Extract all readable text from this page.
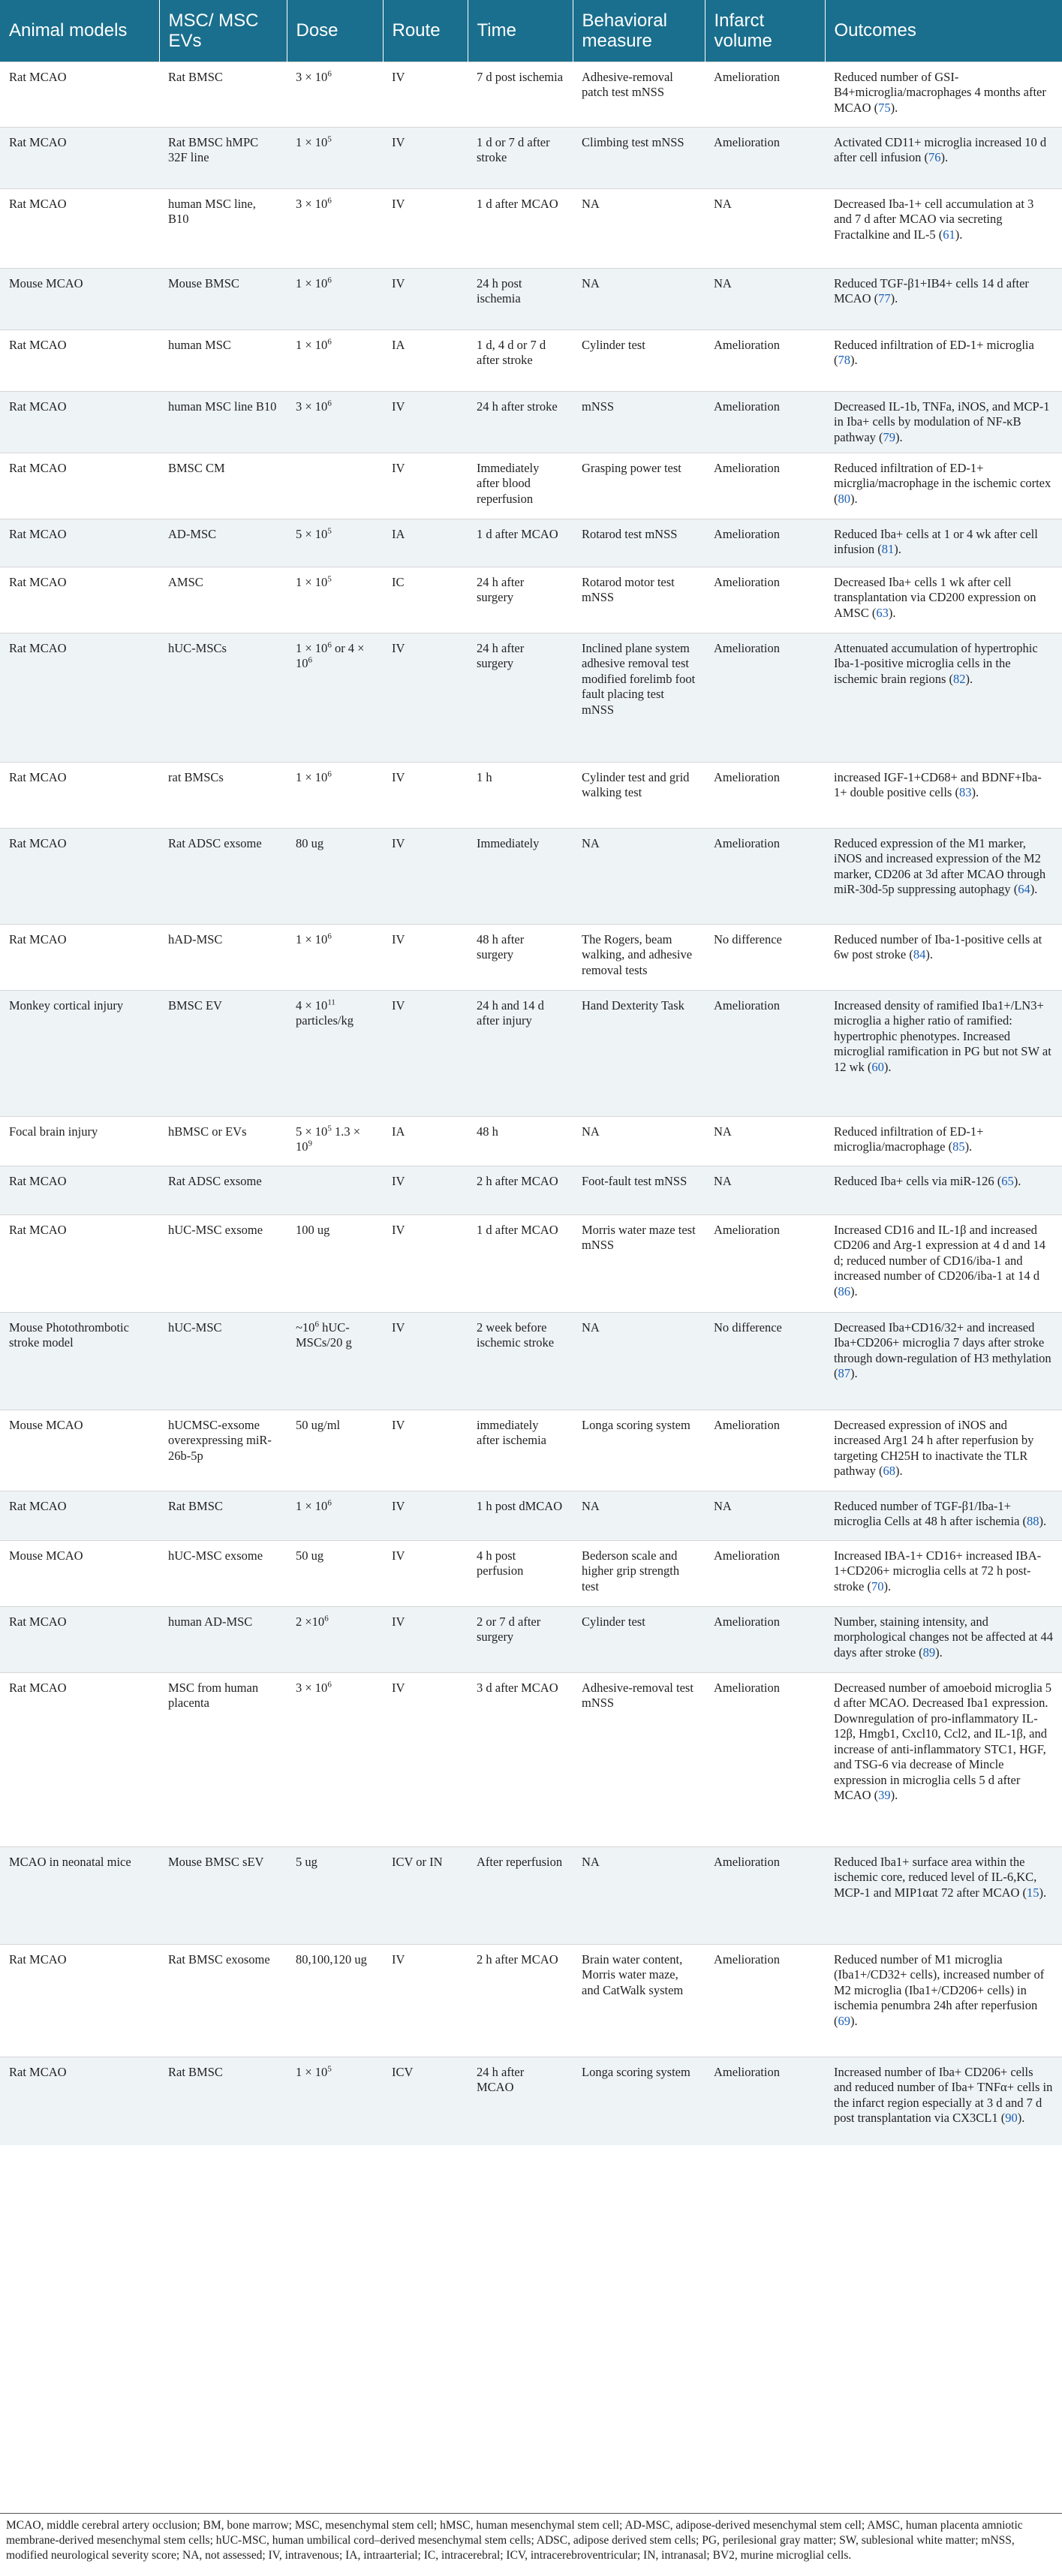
Animal models	MSC/ MSC EVs	Dose	Route	Time	Behavioral measure	Infarct volume	Outcomes
Rat MCAO	Rat BMSC	$3 \times 10^6$	IV	7 d post ischemia	Adhesive-removal patch test mNSS	Amelioration	Reduced number of GSI-B4+microglia/macrophages 4 months after MCAO (75).
Rat MCAO	Rat BMSC hMPC 32F line	$1 \times 10^5$	IV	1 d or 7 d after stroke	Climbing test mNSS	Amelioration	Activated CD11+ microglia increased 10 d after cell infusion (76).
Rat MCAO	human MSC line, B10	$3 \times 10^6$	IV	1 d after MCAO	NA	NA	Decreased Iba-1+ cell accumulation at 3 and 7 d after MCAO via secreting Fractalkine and IL-5 (61).
Mouse MCAO	Mouse BMSC	$1 \times 10^6$	IV	24 h post ischemia	NA	NA	Reduced TGF-β1+IB4+ cells 14 d after MCAO (77).
Rat MCAO	human MSC	$1 \times 10^6$	IA	1 d, 4 d or 7 d after stroke	Cylinder test	Amelioration	Reduced infiltration of ED-1+ microglia (78).
Rat MCAO	human MSC line B10	$3 \times 10^6$	IV	24 h after stroke	mNSS	Amelioration	Decreased IL-1b, TNFa, iNOS, and MCP-1 in Iba+ cells by modulation of NF-κB pathway (79).
Rat MCAO	BMSC CM		IV	Immediately after blood reperfusion	Grasping power test	Amelioration	Reduced infiltration of ED-1+ micrglia/macrophage in the ischemic cortex (80).
Rat MCAO	AD-MSC	$5 \times 10^5$	IA	1 d after MCAO	Rotarod test mNSS	Amelioration	Reduced Iba+ cells at 1 or 4 wk after cell infusion (81).
Rat MCAO	AMSC	$1 \times 10^5$	IC	24 h after surgery	Rotarod motor test mNSS	Amelioration	Decreased Iba+ cells 1 wk after cell transplantation via CD200 expression on AMSC (63).
Rat MCAO	hUC-MSCs	$1 \times 10^6$ or $4 \times 10^6$	IV	24 h after surgery	Inclined plane system adhesive removal test modified forelimb foot fault placing test mNSS	Amelioration	Attenuated accumulation of hypertrophic Iba-1-positive microglia cells in the ischemic brain regions (82).
Rat MCAO	rat BMSCs	$1 \times 10^6$	IV	1 h	Cylinder test and grid walking test	Amelioration	increased IGF-1+CD68+ and BDNF+Iba-1+ double positive cells (83).
Rat MCAO	Rat ADSC exsome	80 ug	IV	Immediately	NA	Amelioration	Reduced expression of the M1 marker, iNOS and increased expression of the M2 marker, CD206 at 3d after MCAO through miR-30d-5p suppressing autophagy (64).
Rat MCAO	hAD-MSC	$1 \times 10^6$	IV	48 h after surgery	The Rogers, beam walking, and adhesive removal tests	No difference	Reduced number of Iba-1-positive cells at 6w post stroke (84).
Monkey cortical injury	BMSC EV	$4 \times 10^{11}$ particles/kg	IV	24 h and 14 d after injury	Hand Dexterity Task	Amelioration	Increased density of ramified Iba1+/LN3+ microglia a higher ratio of ramified: hypertrophic phenotypes. Increased microglial ramification in PG but not SW at 12 wk (60).
Focal brain injury	hBMSC or EVs	$5 \times 10^5$ $1.3 \times 10^9$	IA	48 h	NA	NA	Reduced infiltration of ED-1+ microglia/macrophage (85).
Rat MCAO	Rat ADSC exsome		IV	2 h after MCAO	Foot-fault test mNSS	NA	Reduced Iba+ cells via miR-126 (65).
Rat MCAO	hUC-MSC exsome	100 ug	IV	1 d after MCAO	Morris water maze test mNSS	Amelioration	Increased CD16 and IL-1β and increased CD206 and Arg-1 expression at 4 d and 14 d; reduced number of CD16/iba-1 and increased number of CD206/iba-1 at 14 d (86).
Mouse Photothrombotic stroke model	hUC-MSC	$\sim 10^6$ hUC-MSCs/20 g	IV	2 week before ischemic stroke	NA	No difference	Decreased Iba+CD16/32+ and increased Iba+CD206+ microglia 7 days after stroke through down-regulation of H3 methylation (87).
Mouse MCAO	hUCMSC-exsome overexpressing miR-26b-5p	50 ug/ml	IV	immediately after ischemia	Longa scoring system	Amelioration	Decreased expression of iNOS and increased Arg1 24 h after reperfusion by targeting CH25H to inactivate the TLR pathway (68).
Rat MCAO	Rat BMSC	$1 \times 10^6$	IV	1 h post dMCAO	NA	NA	Reduced number of TGF-β1/Iba-1+ microglia Cells at 48 h after ischemia (88).
Mouse MCAO	hUC-MSC exsome	50 ug	IV	4 h post perfusion	Bederson scale and higher grip strength test	Amelioration	Increased IBA-1+ CD16+ increased IBA-1+CD206+ microglia cells at 72 h post-stroke (70).
Rat MCAO	human AD-MSC	$2 \times 10^6$	IV	2 or 7 d after surgery	Cylinder test	Amelioration	Number, staining intensity, and morphological changes not be affected at 44 days after stroke (89).
Rat MCAO	MSC from human placenta	$3 \times 10^6$	IV	3 d after MCAO	Adhesive-removal test mNSS	Amelioration	Decreased number of amoeboid microglia 5 d after MCAO. Decreased Iba1 expression. Downregulation of pro-inflammatory IL-12β, Hmgb1, Cxcl10, Ccl2, and IL-1β, and increase of anti-inflammatory STC1, HGF, and TSG-6 via decrease of Mincle expression in microglia cells 5 d after MCAO (39).
MCAO in neonatal mice	Mouse BMSC sEV	5 ug	ICV or IN	After reperfusion	NA	Amelioration	Reduced Iba1+ surface area within the ischemic core, reduced level of IL-6,KC, MCP-1 and MIP1αat 72 after MCAO (15).
Rat MCAO	Rat BMSC exosome	80,100,120 ug	IV	2 h after MCAO	Brain water content, Morris water maze, and CatWalk system	Amelioration	Reduced number of M1 microglia (Iba1+/CD32+ cells), increased number of M2 microglia (Iba1+/CD206+ cells) in ischemia penumbra 24h after reperfusion (69).
Rat MCAO	Rat BMSC	$1 \times 10^5$	ICV	24 h after MCAO	Longa scoring system	Amelioration	Increased number of Iba+ CD206+ cells and reduced number of Iba+ TNFα+ cells in the infarct region especially at 3 d and 7 d post transplantation via CX3CL1 (90).
MCAO, middle cerebral artery occlusion; BM, bone marrow; MSC, mesenchymal stem cell; hMSC, human mesenchymal stem cell; AD-MSC, adipose-derived mesenchymal stem cell; AMSC, human placenta amniotic membrane-derived mesenchymal stem cells; hUC-MSC, human umbilical cord–derived mesenchymal stem cells; ADSC, adipose derived stem cells; PG, perilesional gray matter; SW, sublesional white matter; mNSS, modified neurological severity score; NA, not assessed; IV, intravenous; IA, intraarterial; IC, intracerebral; ICV, intracerebroventricular; IN, intranasal; BV2, murine microglial cells.
